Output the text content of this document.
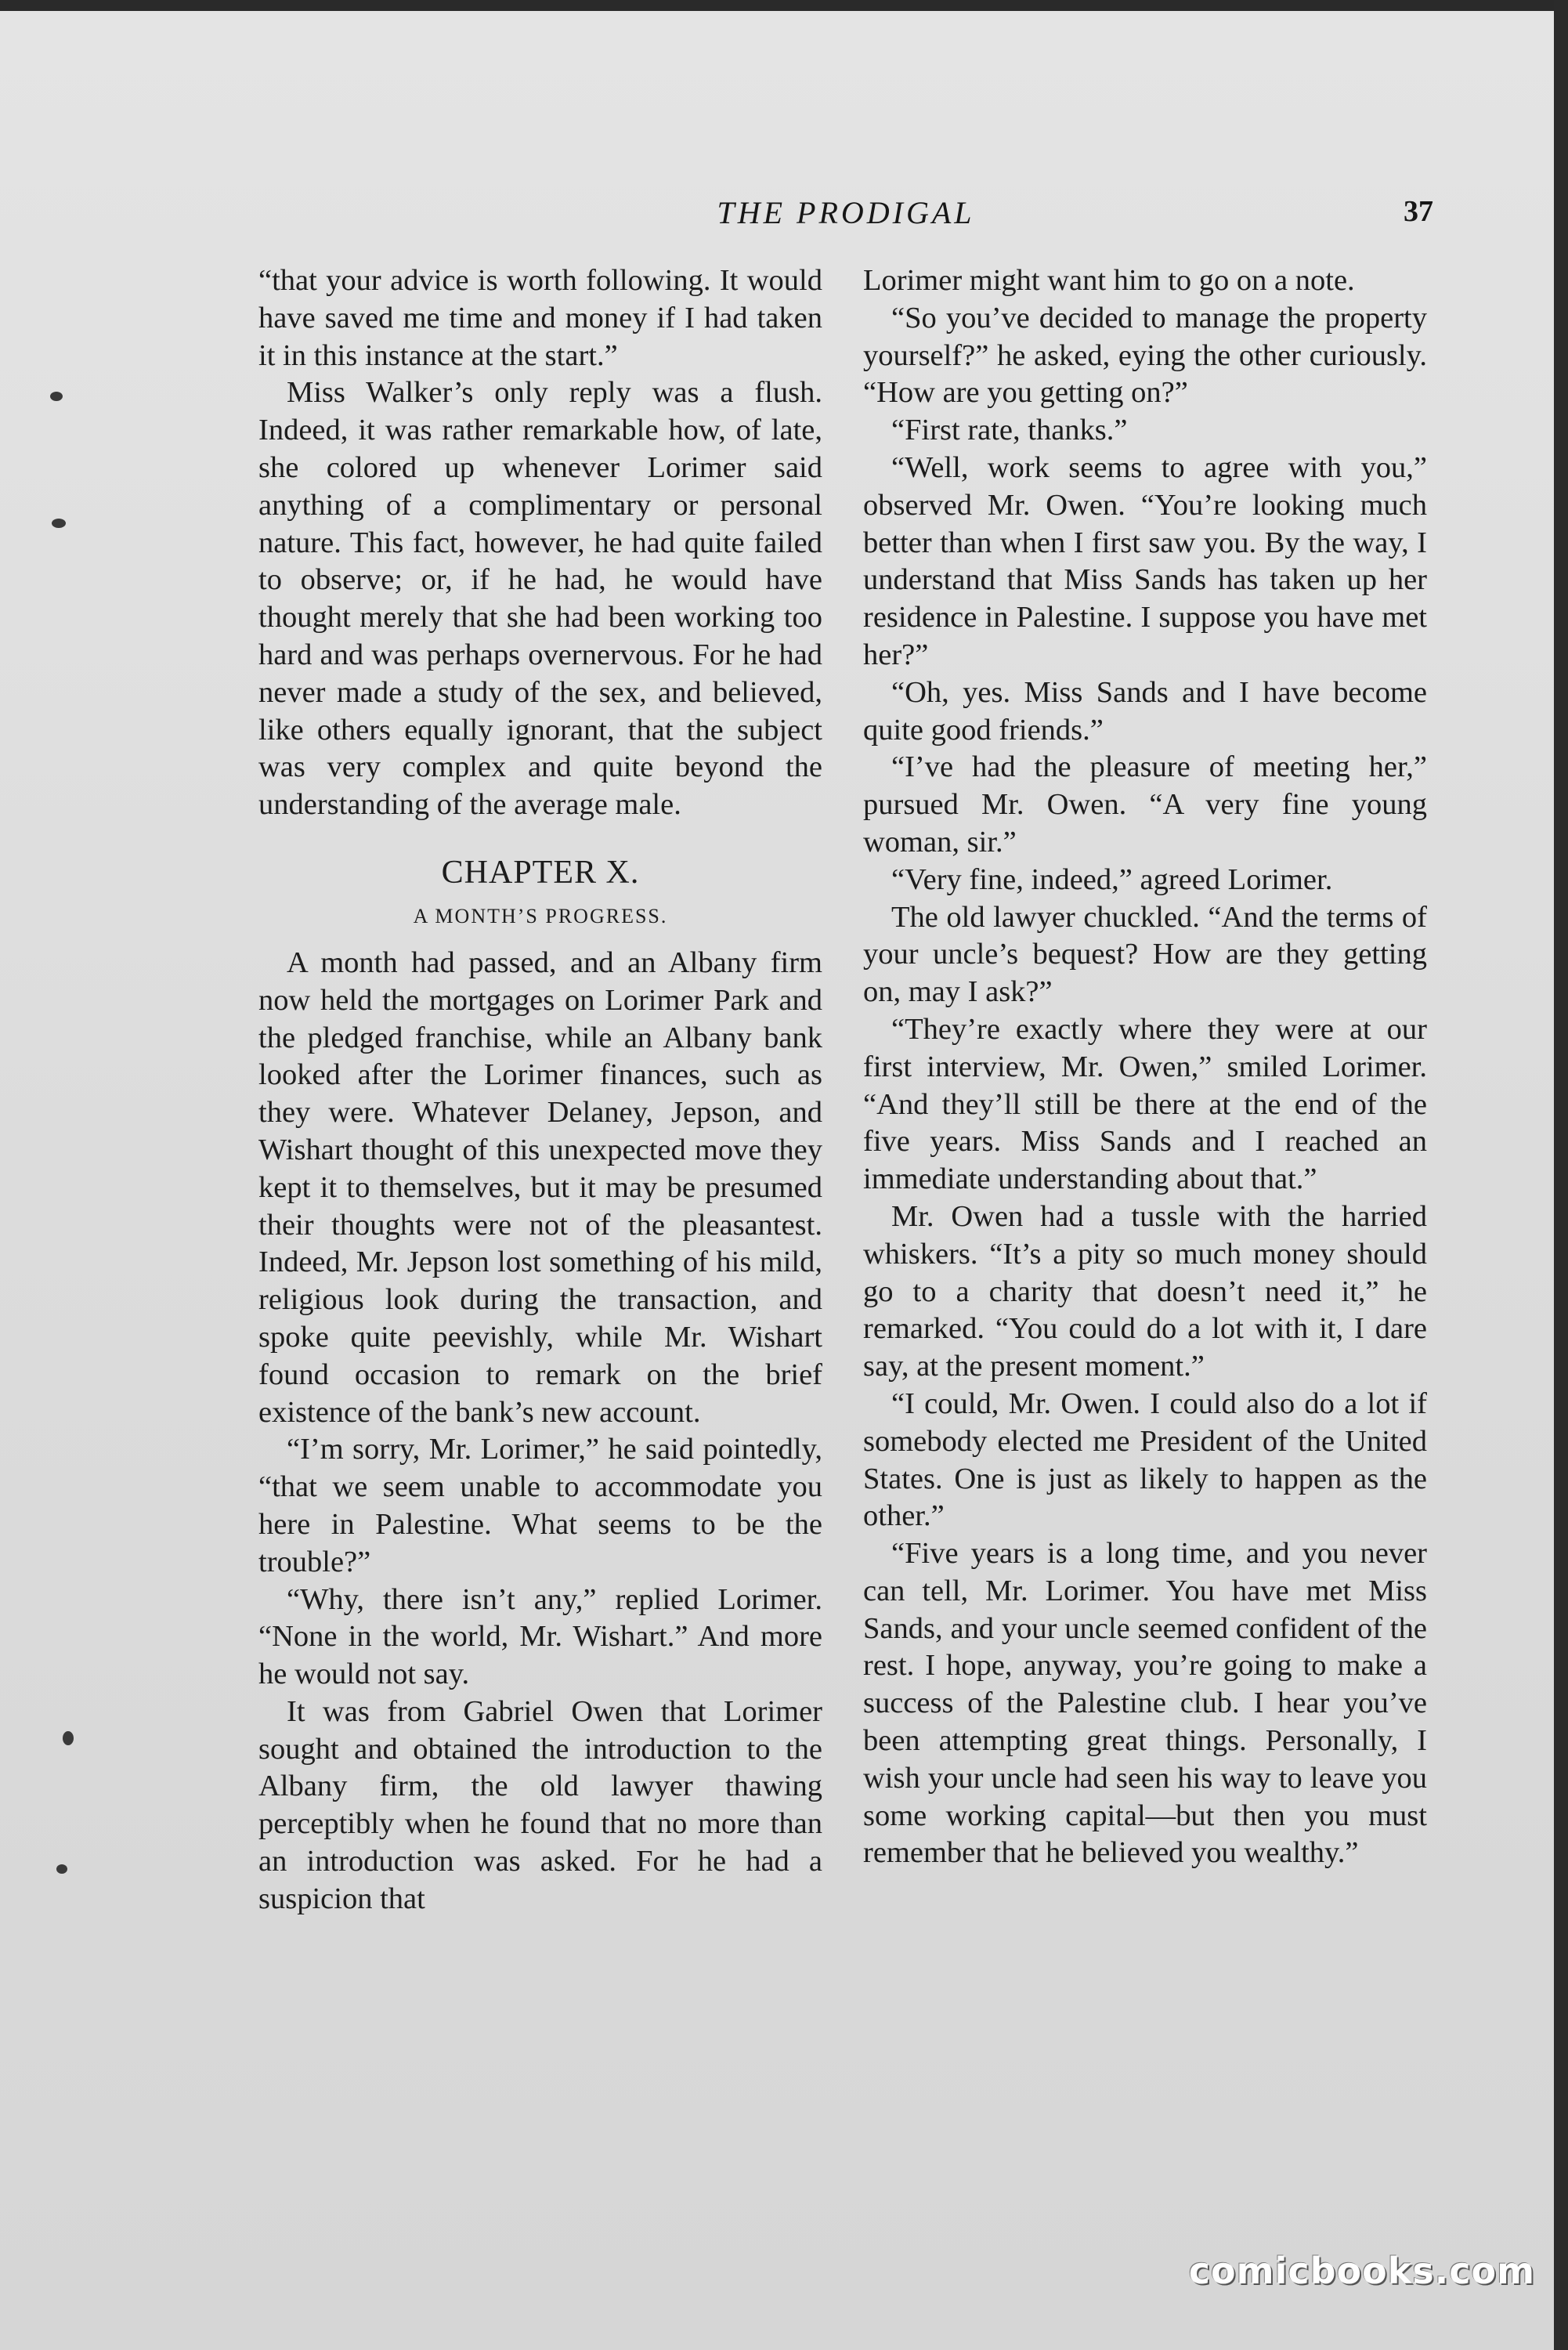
THE PRODIGAL	37

“that your advice is worth following. It would have saved me time and money if I had taken it in this instance at the start.”

Miss Walker’s only reply was a flush. Indeed, it was rather remarkable how, of late, she colored up whenever Lorimer said anything of a complimentary or personal nature. This fact, however, he had quite failed to observe; or, if he had, he would have thought merely that she had been working too hard and was perhaps overnervous. For he had never made a study of the sex, and believed, like others equally ignorant, that the subject was very complex and quite beyond the understanding of the average male.

CHAPTER X.
A MONTH’S PROGRESS.

A month had passed, and an Albany firm now held the mortgages on Lorimer Park and the pledged franchise, while an Albany bank looked after the Lorimer finances, such as they were. Whatever Delaney, Jepson, and Wishart thought of this unexpected move they kept it to themselves, but it may be presumed their thoughts were not of the pleasantest. Indeed, Mr. Jepson lost something of his mild, religious look during the transaction, and spoke quite peevishly, while Mr. Wishart found occasion to remark on the brief existence of the bank’s new account.

“I’m sorry, Mr. Lorimer,” he said pointedly, “that we seem unable to accommodate you here in Palestine. What seems to be the trouble?”

“Why, there isn’t any,” replied Lorimer. “None in the world, Mr. Wishart.” And more he would not say.

It was from Gabriel Owen that Lorimer sought and obtained the introduction to the Albany firm, the old lawyer thawing perceptibly when he found that no more than an introduction was asked. For he had a suspicion that

Lorimer might want him to go on a note.

“So you’ve decided to manage the property yourself?” he asked, eying the other curiously. “How are you getting on?”

“First rate, thanks.”

“Well, work seems to agree with you,” observed Mr. Owen. “You’re looking much better than when I first saw you. By the way, I understand that Miss Sands has taken up her residence in Palestine. I suppose you have met her?”

“Oh, yes. Miss Sands and I have become quite good friends.”

“I’ve had the pleasure of meeting her,” pursued Mr. Owen. “A very fine young woman, sir.”

“Very fine, indeed,” agreed Lorimer.

The old lawyer chuckled. “And the terms of your uncle’s bequest? How are they getting on, may I ask?”

“They’re exactly where they were at our first interview, Mr. Owen,” smiled Lorimer. “And they’ll still be there at the end of the five years. Miss Sands and I reached an immediate understanding about that.”

Mr. Owen had a tussle with the harried whiskers. “It’s a pity so much money should go to a charity that doesn’t need it,” he remarked. “You could do a lot with it, I dare say, at the present moment.”

“I could, Mr. Owen. I could also do a lot if somebody elected me President of the United States. One is just as likely to happen as the other.”

“Five years is a long time, and you never can tell, Mr. Lorimer. You have met Miss Sands, and your uncle seemed confident of the rest. I hope, anyway, you’re going to make a success of the Palestine club. I hear you’ve been attempting great things. Personally, I wish your uncle had seen his way to leave you some working capital—but then you must remember that he believed you wealthy.”

comicbooks.com
